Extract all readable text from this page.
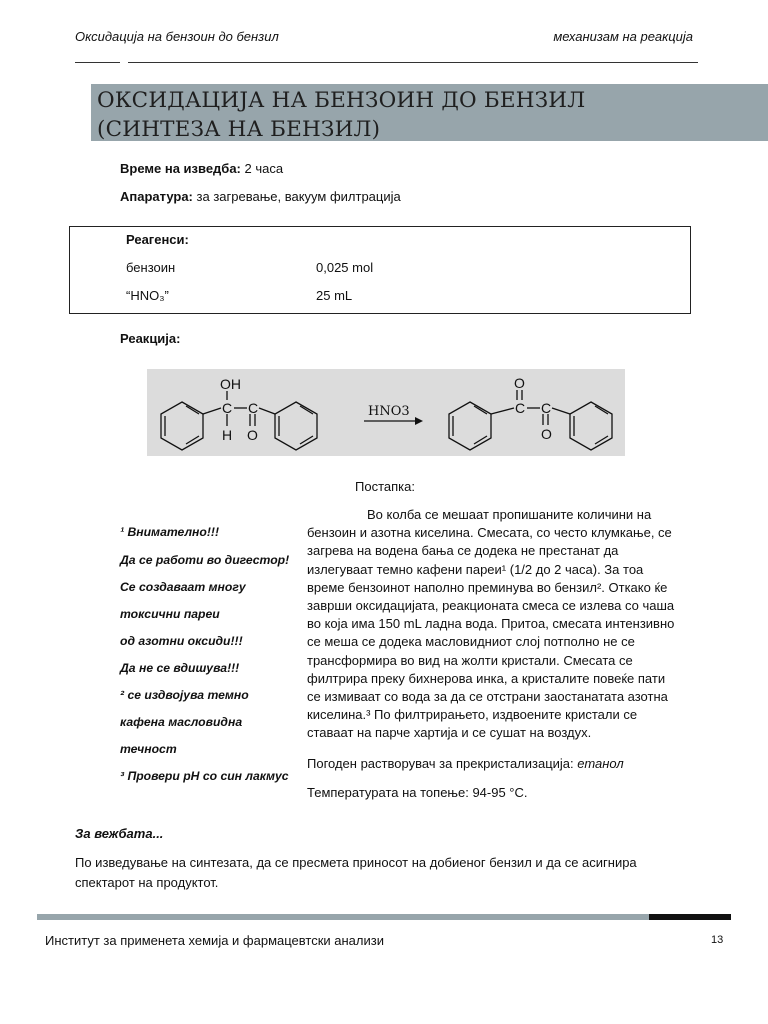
Оксидација на бензоин до бензил	механизам на реакција
ОКСИДАЦИЈА НА БЕНЗОИН ДО БЕНЗИЛ
(СИНТЕЗА НА БЕНЗИЛ)
Време на изведба: 2 часа
Апаратура: за загревање, вакуум филтрација
Реагенси:
бензоин	0,025 mol
“HNO₃”	25 mL
Реакција:
OH
C
H
C
O
C
O
C
O
HNO3
Постапка:
Во колба се мешаат пропишаните количини на
бензоин и азотна киселина. Смесата, со често клумкање, се
загрева на водена бања се додека не престанат да
излегуваат темно кафени пареи¹ (1/2 до 2 часа). За тоа
време бензоинот наполно преминува во бензил². Откако ќе
заврши оксидацијата, реакционата смеса се излева со чаша
во која има 150 mL ладна вода. Притоа, смесата интензивно
се меша се додека масловидниот слој потполно не се
трансформира во вид на жолти кристали. Смесата се
филтрира преку бихнерова инка, а кристалите повеќе пати
се измиваат со вода за да се отстрани заостанатата азотна
киселина.³ По филтрирањето, издвоените кристали се
ставаат на парче хартија и се сушат на воздух.
Погоден растворувач за прекристализација: етанол
Температурата на топење: 94-95 °C.
¹ Внимателно!!!
Да се работи во дигестор!
Се создаваат многу
токсични пареи
од азотни оксиди!!!
Да не се вдишува!!!
² се издвојува темно
кафена масловидна
течност
³ Провери pH со син лакмус
За вежбата...
По изведување на синтезата, да се пресмета приносот на добиеног бензил и да се асигнира
спектарот на продуктот.
Институт за применета хемија и фармацевтски анализи	13
